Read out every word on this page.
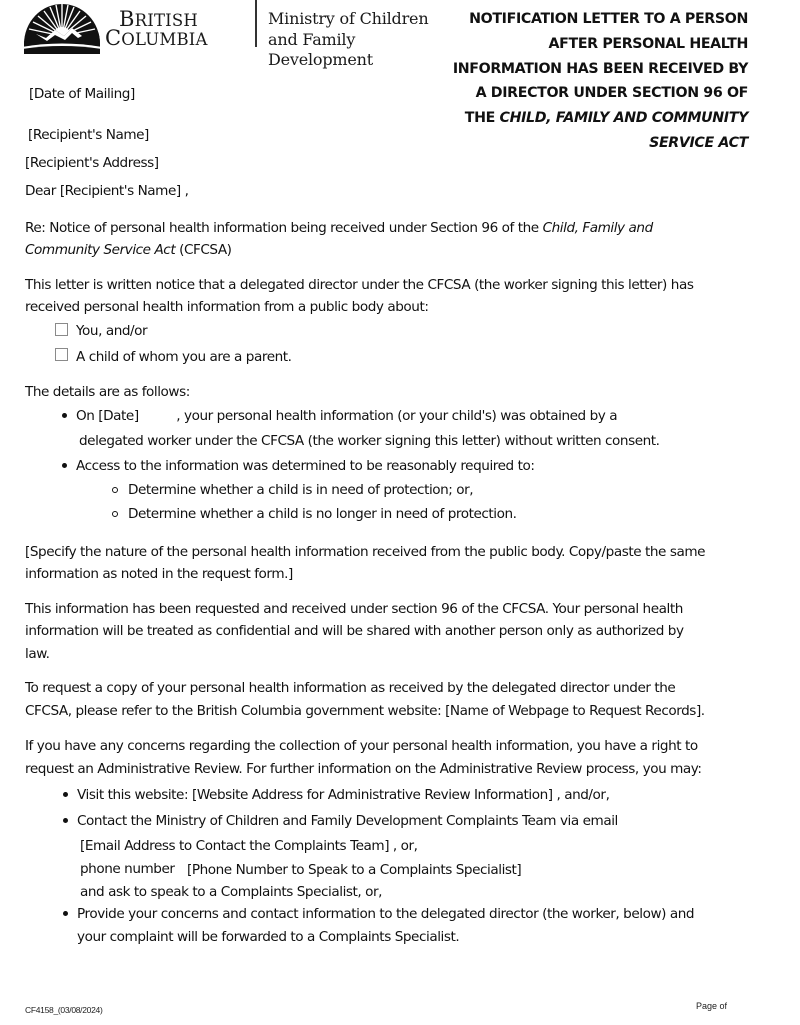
BRITISH
COLUMBIA
Ministry of Children
and Family Development
NOTIFICATION LETTER TO A PERSON
AFTER PERSONAL HEALTH
INFORMATION HAS BEEN RECEIVED BY
A DIRECTOR UNDER SECTION 96 OF
THE CHILD, FAMILY AND COMMUNITY
SERVICE ACT
[Date of Mailing]
[Recipient's Name]
[Recipient's Address]
Dear [Recipient's Name] ,
Re: Notice of personal health information being received under Section 96 of the Child, Family and
Community Service Act (CFCSA)
This letter is written notice that a delegated director under the CFCSA (the worker signing this letter) has
received personal health information from a public body about:
You, and/or
A child of whom you are a parent.
The details are as follows:
On [Date]	, your personal health information (or your child's) was obtained by a
delegated worker under the CFCSA (the worker signing this letter) without written consent.
Access to the information was determined to be reasonably required to:
Determine whether a child is in need of protection; or,
Determine whether a child is no longer in need of protection.
[Specify the nature of the personal health information received from the public body. Copy/paste the same
information as noted in the request form.]
This information has been requested and received under section 96 of the CFCSA. Your personal health
information will be treated as confidential and will be shared with another person only as authorized by
law.
To request a copy of your personal health information as received by the delegated director under the
CFCSA, please refer to the British Columbia government website: [Name of Webpage to Request Records].
If you have any concerns regarding the collection of your personal health information, you have a right to
request an Administrative Review. For further information on the Administrative Review process, you may:
Visit this website: [Website Address for Administrative Review Information] , and/or,
Contact the Ministry of Children and Family Development Complaints Team via email
[Email Address to Contact the Complaints Team] , or,
phone number [Phone Number to Speak to a Complaints Specialist]
and ask to speak to a Complaints Specialist, or,
Provide your concerns and contact information to the delegated director (the worker, below) and
your complaint will be forwarded to a Complaints Specialist.
CF4158_(03/08/2024)	Page of
